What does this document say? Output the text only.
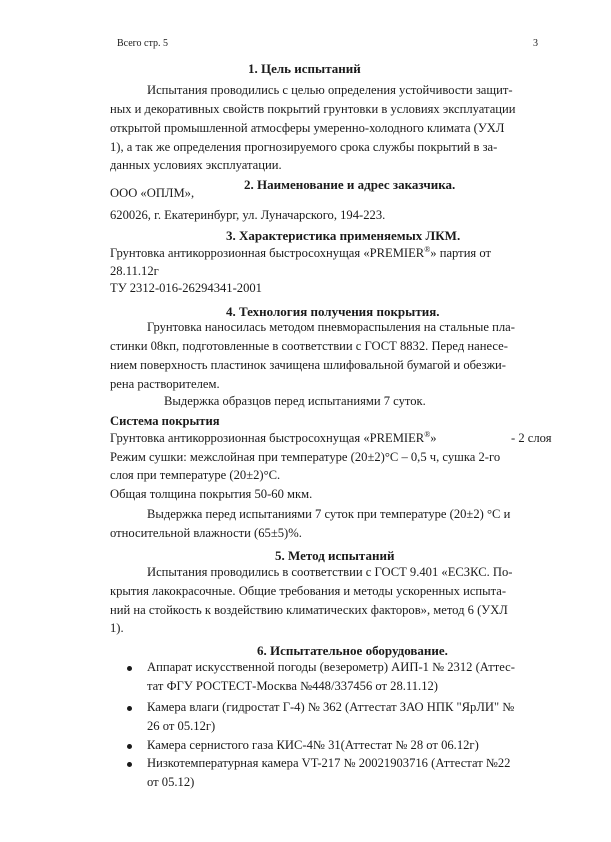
Всего стр. 5	3
1. Цель испытаний
Испытания проводились с целью определения устойчивости защит-
ных и декоративных свойств покрытий грунтовки в условиях эксплуатации
открытой промышленной атмосферы умеренно-холодного климата (УХЛ
1), а так же определения прогнозируемого срока службы покрытий в за-
данных условиях эксплуатации.
2. Наименование и адрес заказчика.
ООО «ОПЛМ»,
620026, г. Екатеринбург, ул. Луначарского, 194-223.
3. Характеристика применяемых ЛКМ.
Грунтовка антикоррозионная быстросохнущая «PREMIER®» партия от
28.11.12г
ТУ 2312-016-26294341-2001
4. Технология получения покрытия.
Грунтовка наносилась методом пневмораспыления на стальные пла-
стинки 08кп, подготовленные в соответствии с ГОСТ 8832. Перед нанесе-
нием поверхность пластинок зачищена шлифовальной бумагой и обезжи-
рена растворителем.
Выдержка образцов перед испытаниями 7 суток.
Система покрытия
Грунтовка антикоррозионная быстросохнущая «PREMIER®»	- 2 слоя
Режим сушки: межслойная при температуре (20±2)°С – 0,5 ч, сушка 2-го
слоя при температуре (20±2)°С.
Общая толщина покрытия 50-60 мкм.
Выдержка перед испытаниями 7 суток при температуре (20±2) °С и
относительной влажности (65±5)%.
5. Метод испытаний
Испытания проводились в соответствии с ГОСТ 9.401 «ЕСЗКС. По-
крытия лакокрасочные. Общие требования и методы ускоренных испыта-
ний на стойкость к воздействию климатических факторов», метод 6 (УХЛ
1).
6. Испытательное оборудование.
Аппарат искусственной погоды (везерометр) АИП-1 № 2312 (Аттес-
тат ФГУ РОСТЕСТ-Москва №448/337456 от 28.11.12)
Камера влаги (гидростат Г-4) № 362 (Аттестат ЗАО НПК "ЯрЛИ" №
26 от 05.12г)
Камера сернистого газа КИС-4№ 31(Аттестат № 28 от 06.12г)
Низкотемпературная камера VT-217 № 20021903716 (Аттестат №22
от 05.12)
